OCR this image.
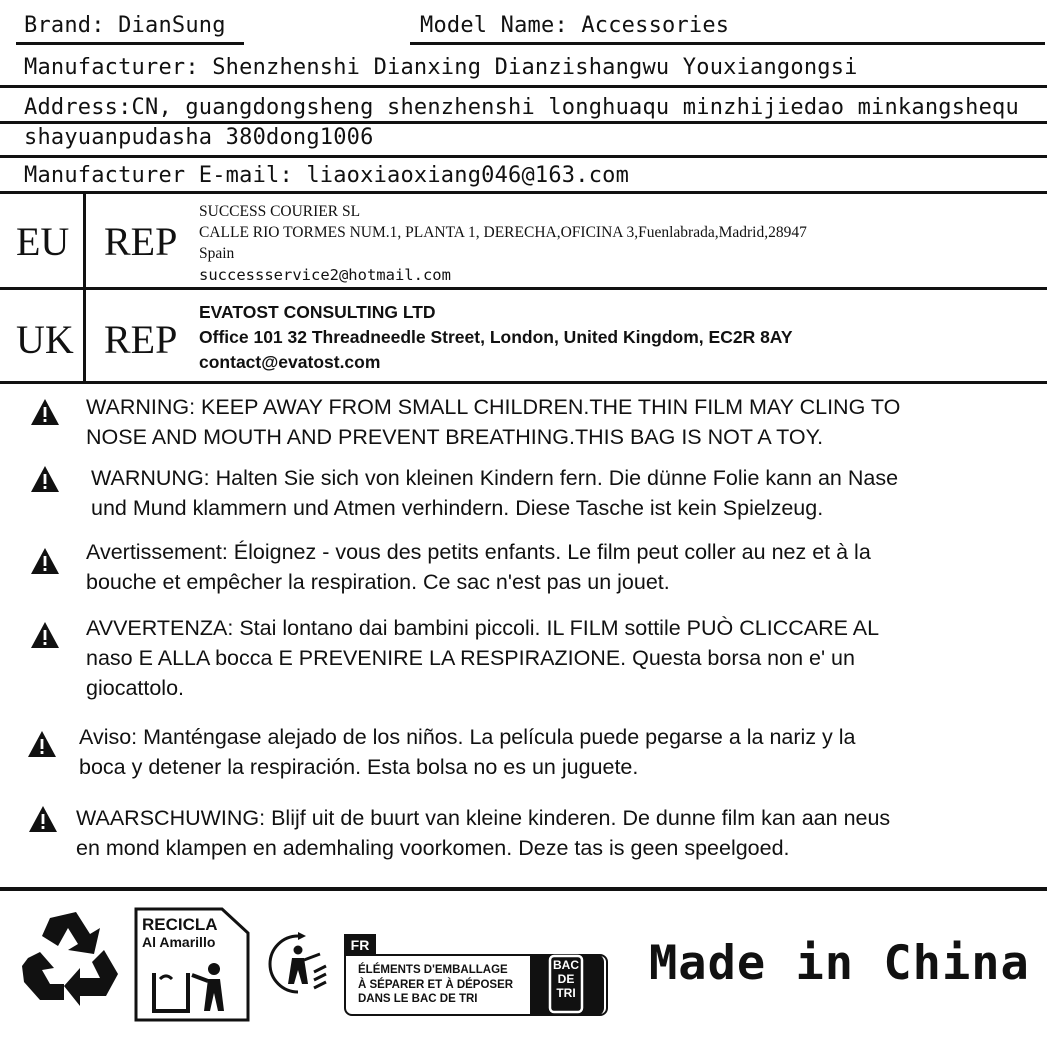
Brand: DianSung	Model Name: Accessories
Manufacturer: Shenzhenshi Dianxing Dianzishangwu Youxiangongsi
Address:CN, guangdongsheng shenzhenshi longhuaqu minzhijiedao minkangshequ
shayuanpudasha 380dong1006
Manufacturer E-mail: liaoxiaoxiang046@163.com
EU REP
SUCCESS COURIER SL
CALLE RIO TORMES NUM.1, PLANTA 1, DERECHA,OFICINA 3,Fuenlabrada,Madrid,28947
Spain
successservice2@hotmail.com
UK REP
EVATOST CONSULTING LTD
Office 101 32 Threadneedle Street, London, United Kingdom, EC2R 8AY
contact@evatost.com
WARNING: KEEP AWAY FROM SMALL CHILDREN.THE THIN FILM MAY CLING TO
NOSE AND MOUTH AND PREVENT BREATHING.THIS BAG IS NOT A TOY.
WARNUNG: Halten Sie sich von kleinen Kindern fern. Die dünne Folie kann an Nase
und Mund klammern und Atmen verhindern. Diese Tasche ist kein Spielzeug.
Avertissement: Éloignez - vous des petits enfants. Le film peut coller au nez et à la
bouche et empêcher la respiration. Ce sac n'est pas un jouet.
AVVERTENZA: Stai lontano dai bambini piccoli. IL FILM sottile PUÒ CLICCARE AL
naso E ALLA bocca E PREVENIRE LA RESPIRAZIONE. Questa borsa non e' un
giocattolo.
Aviso: Manténgase alejado de los niños. La película puede pegarse a la nariz y la
boca y detener la respiración. Esta bolsa no es un juguete.
WAARSCHUWING: Blijf uit de buurt van kleine kinderen. De dunne film kan aan neus
en mond klampen en ademhaling voorkomen. Deze tas is geen speelgoed.
RECICLA
Al Amarillo	FR
ÉLÉMENTS D'EMBALLAGE
À SÉPARER ET À DÉPOSER
DANS LE BAC DE TRI
BAC
DE
TRI
Made in China
